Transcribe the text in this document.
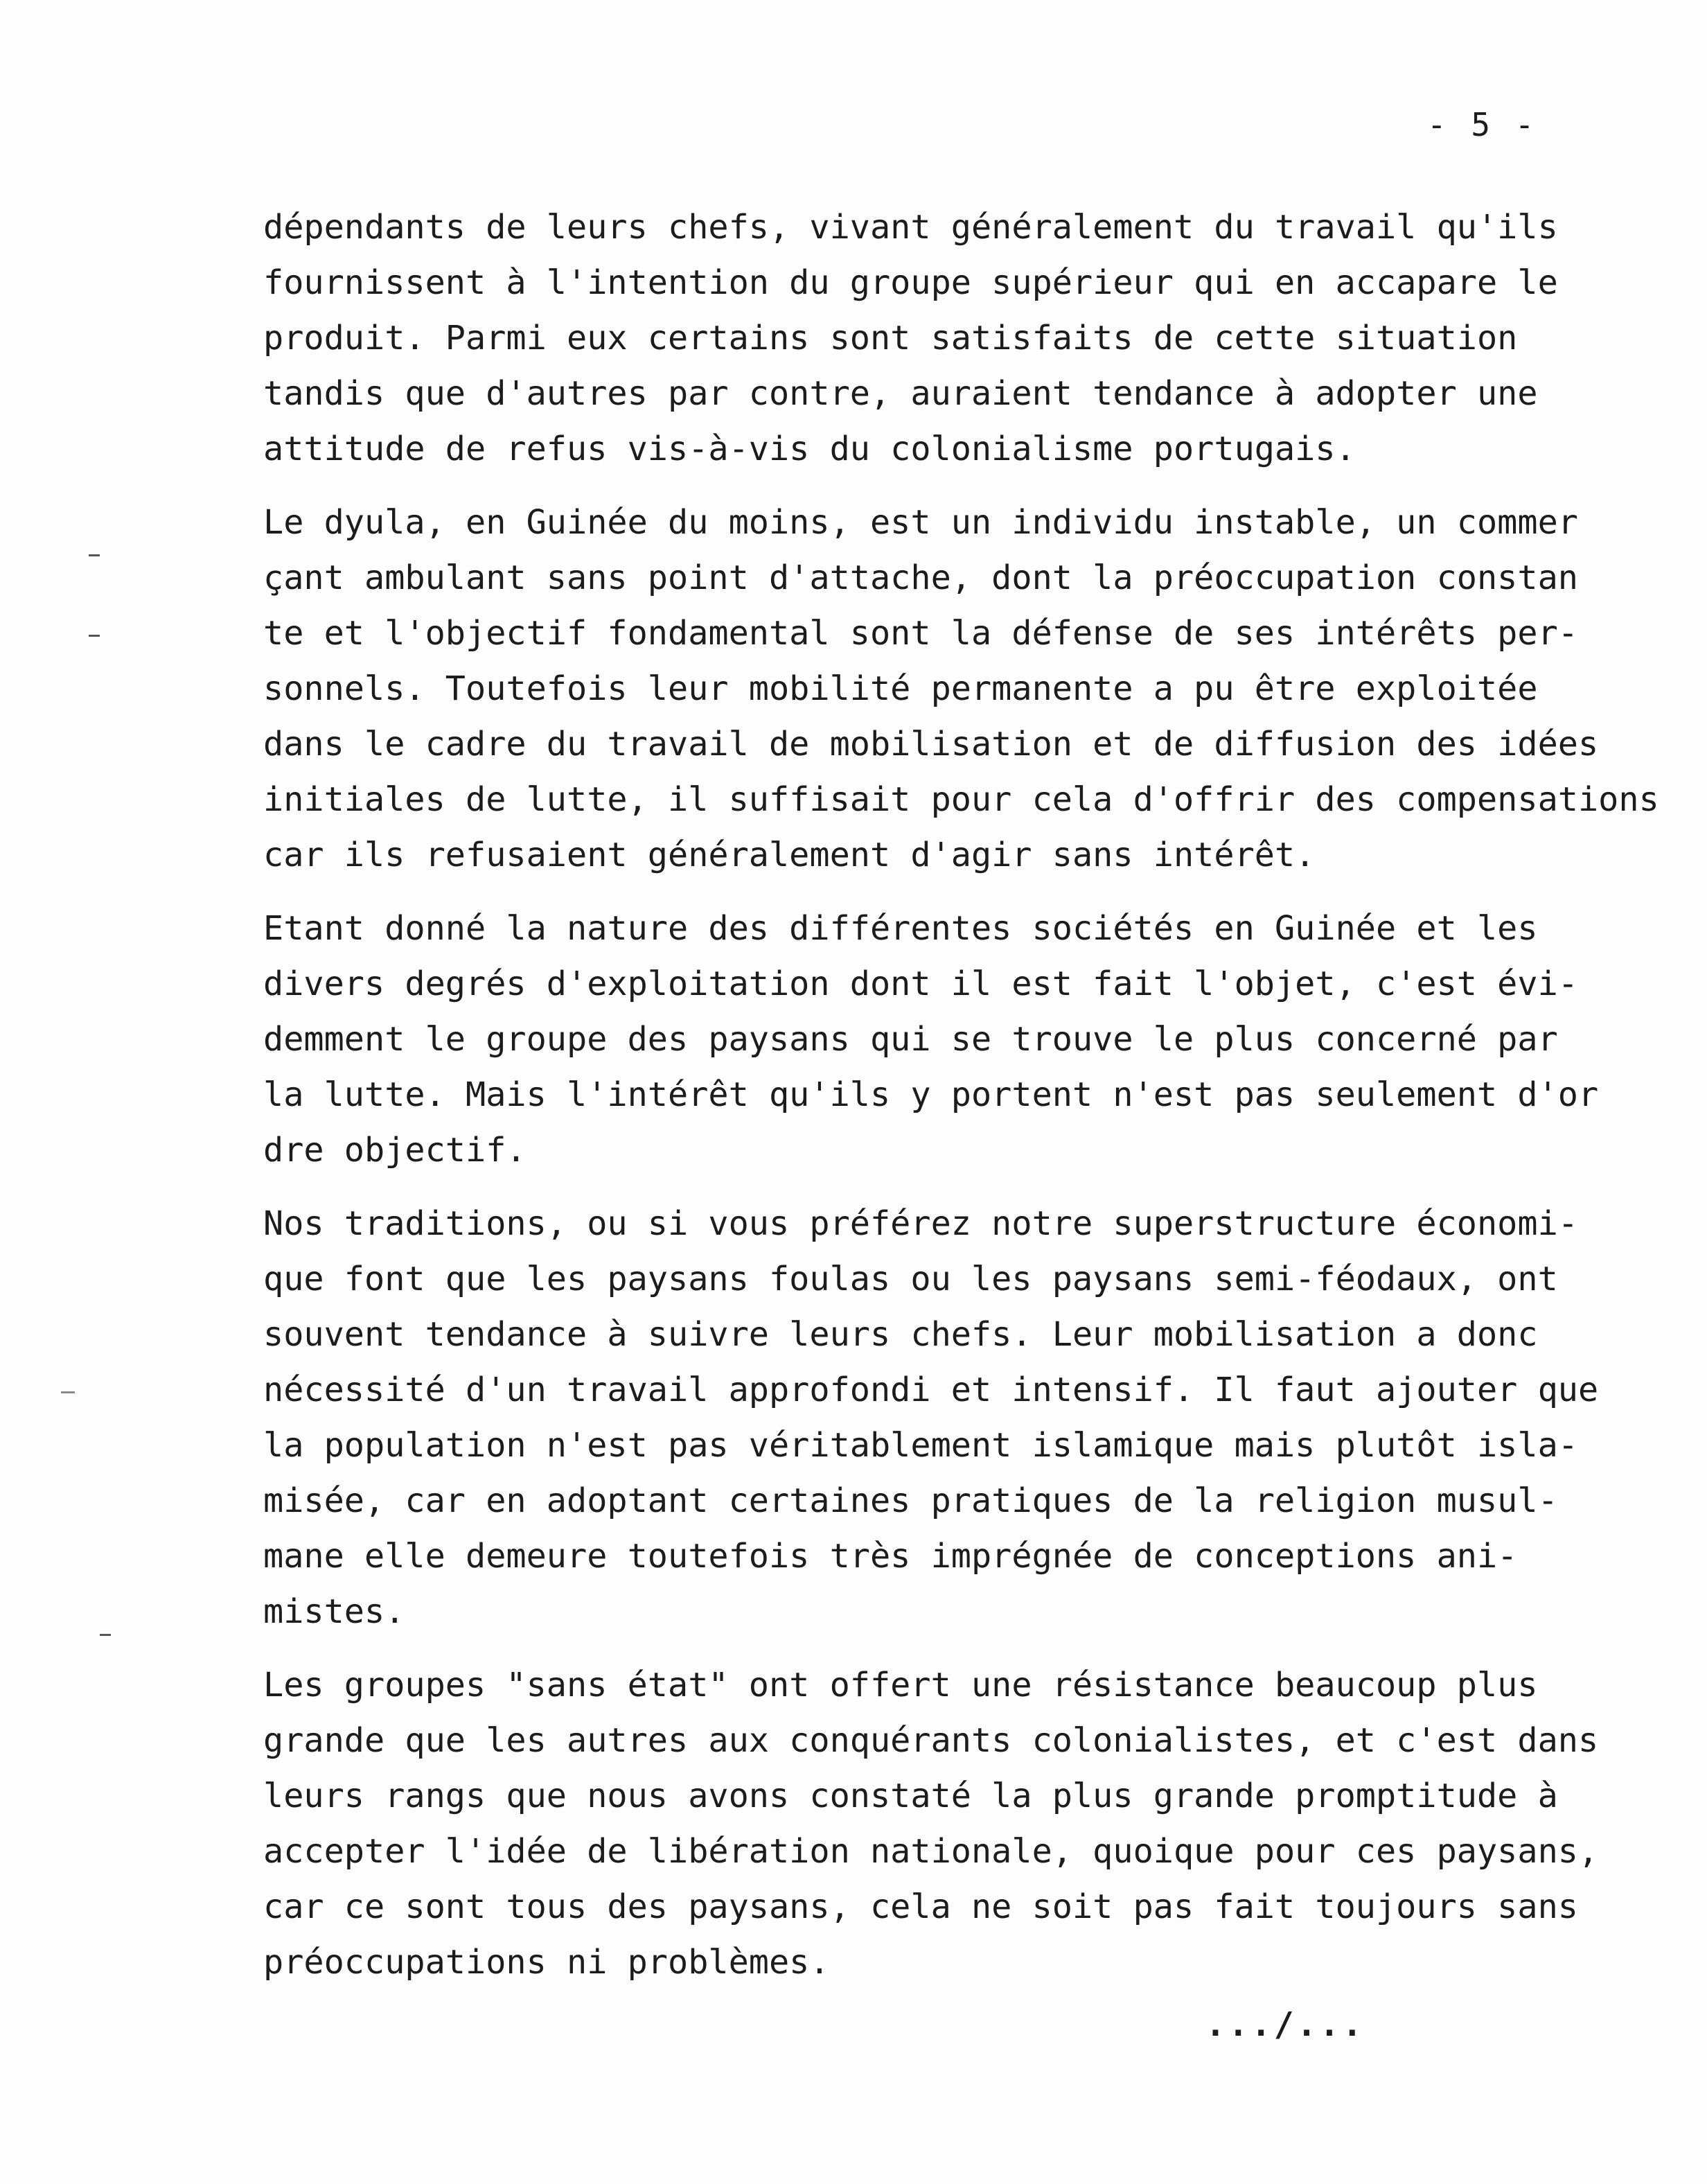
- 5 -
dépendants de leurs chefs, vivant généralement du travail qu'ils
fournissent à l'intention du groupe supérieur qui en accapare le
produit. Parmi eux certains sont satisfaits de cette situation
tandis que d'autres par contre, auraient tendance à adopter une
attitude de refus vis-à-vis du colonialisme portugais.
Le dyula, en Guinée du moins, est un individu instable, un commer
çant ambulant sans point d'attache, dont la préoccupation constan
te et l'objectif fondamental sont la défense de ses intérêts per-
sonnels. Toutefois leur mobilité permanente a pu être exploitée
dans le cadre du travail de mobilisation et de diffusion des idées
initiales de lutte, il suffisait pour cela d'offrir des compensations
car ils refusaient généralement d'agir sans intérêt.
Etant donné la nature des différentes sociétés en Guinée et les
divers degrés d'exploitation dont il est fait l'objet, c'est évi-
demment le groupe des paysans qui se trouve le plus concerné par
la lutte. Mais l'intérêt qu'ils y portent n'est pas seulement d'or
dre objectif.
Nos traditions, ou si vous préférez notre superstructure économi-
que font que les paysans foulas ou les paysans semi-féodaux, ont
souvent tendance à suivre leurs chefs. Leur mobilisation a donc
nécessité d'un travail approfondi et intensif. Il faut ajouter que
la population n'est pas véritablement islamique mais plutôt isla-
misée, car en adoptant certaines pratiques de la religion musul-
mane elle demeure toutefois très imprégnée de conceptions ani-
mistes.
Les groupes "sans état" ont offert une résistance beaucoup plus
grande que les autres aux conquérants colonialistes, et c'est dans
leurs rangs que nous avons constaté la plus grande promptitude à
accepter l'idée de libération nationale, quoique pour ces paysans,
car ce sont tous des paysans, cela ne soit pas fait toujours sans
préoccupations ni problèmes.
.../...
